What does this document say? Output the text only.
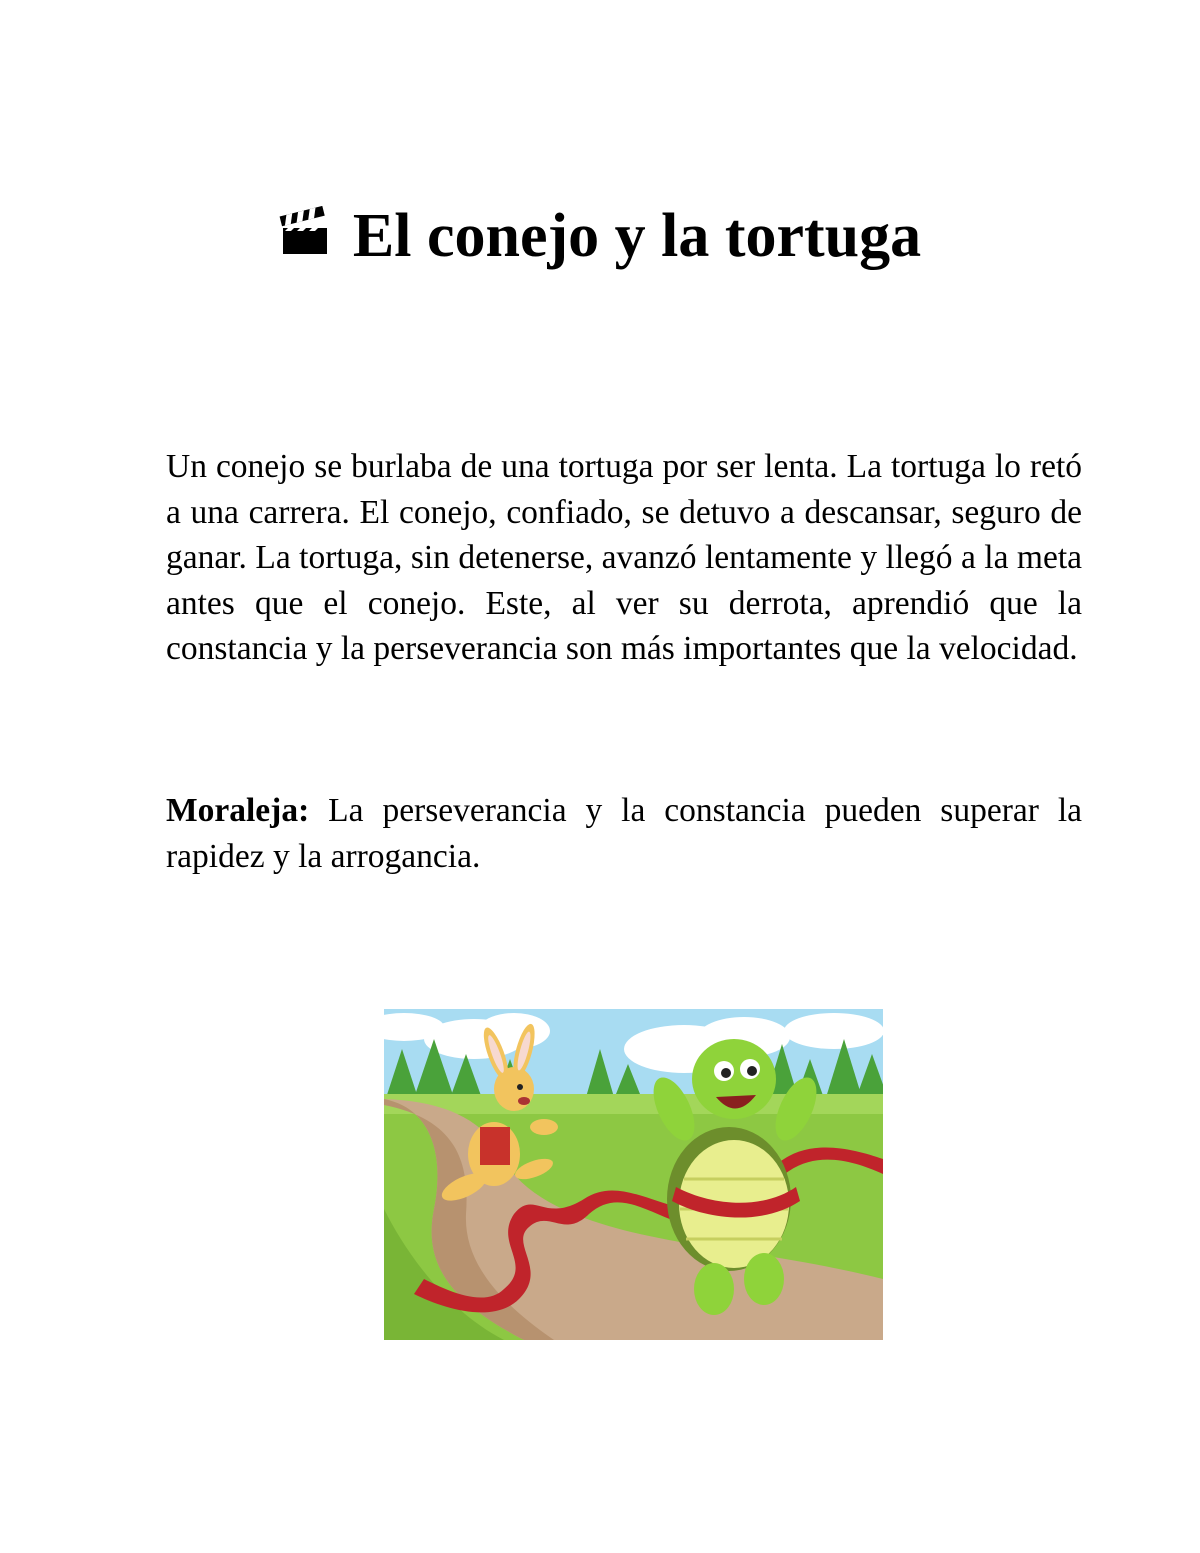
El conejo y la tortuga

Un conejo se burlaba de una tortuga por ser lenta. La tortuga lo retó a una carrera. El conejo, confiado, se detuvo a descansar, seguro de ganar. La tortuga, sin detenerse, avanzó lentamente y llegó a la meta antes que el conejo. Este, al ver su derrota, aprendió que la constancia y la perseverancia son más importantes que la velocidad.

Moraleja: La perseverancia y la constancia pueden superar la rapidez y la arrogancia.
